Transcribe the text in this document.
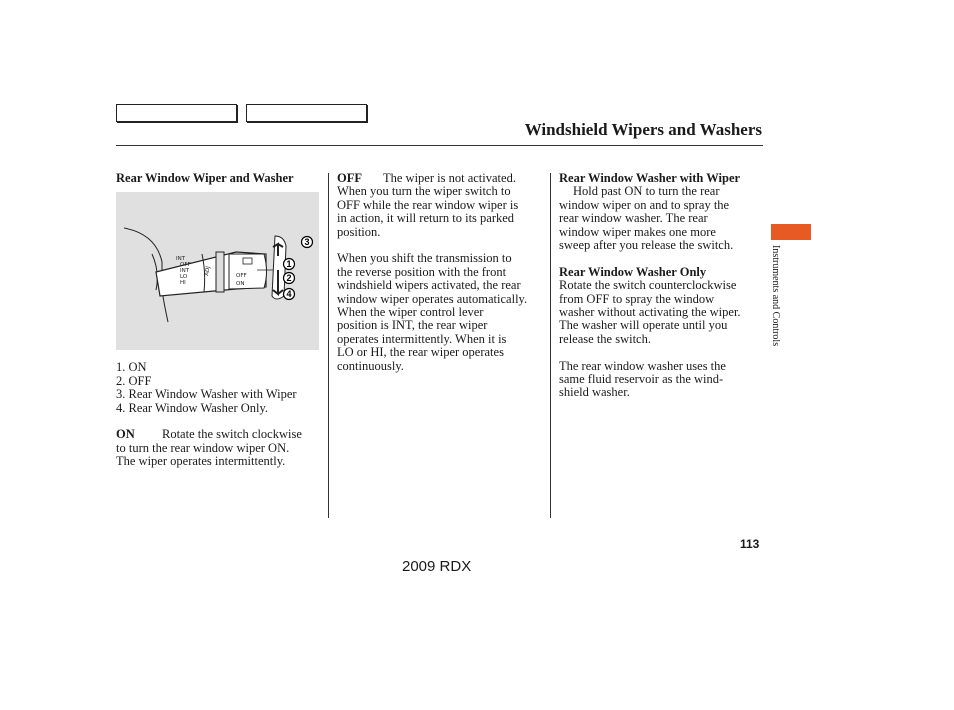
Windshield Wipers and Washers

Rear Window Wiper and Washer

INT
OFF
INT
LO
HI
ADJ	OFF
ON
3
1
2
4

1. ON

2. OFF

3. Rear Window Washer with Wiper

4. Rear Window Washer Only.

ON Rotate the switch clockwise

to turn the rear window wiper ON.

The wiper operates intermittently.

OFF The wiper is not activated.

When you turn the wiper switch to

OFF while the rear window wiper is

in action, it will return to its parked

position.

When you shift the transmission to

the reverse position with the front

windshield wipers activated, the rear

window wiper operates automatically.

When the wiper control lever

position is INT, the rear wiper

operates intermittently. When it is

LO or HI, the rear wiper operates

continuously.

Rear Window Washer with Wiper

Hold past ON to turn the rear

window wiper on and to spray the

rear window washer. The rear

window wiper makes one more

sweep after you release the switch.

Rear Window Washer Only

Rotate the switch counterclockwise

from OFF to spray the window

washer without activating the wiper.

The washer will operate until you

release the switch.

The rear window washer uses the

same fluid reservoir as the wind-

shield washer.

Instruments and Controls
113
2009 RDX
